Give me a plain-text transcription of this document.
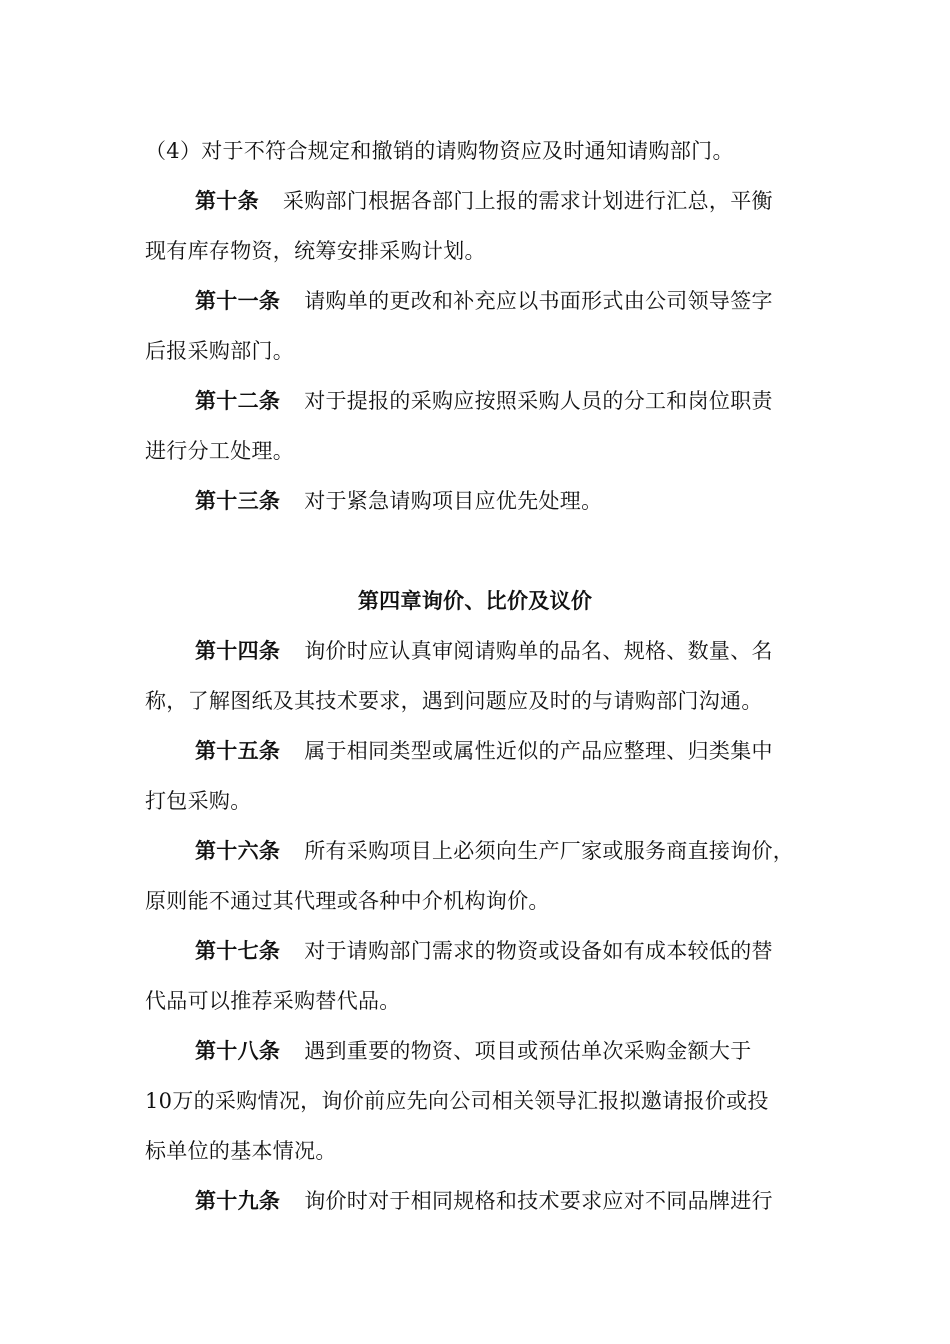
（4）对于不符合规定和撤销的请购物资应及时通知请购部门。
第十条 采购部门根据各部门上报的需求计划进行汇总，平衡
现有库存物资，统筹安排采购计划。
第十一条 请购单的更改和补充应以书面形式由公司领导签字
后报采购部门。
第十二条 对于提报的采购应按照采购人员的分工和岗位职责
进行分工处理。
第十三条 对于紧急请购项目应优先处理。
第四章询价、比价及议价
第十四条 询价时应认真审阅请购单的品名、规格、数量、名
称，了解图纸及其技术要求，遇到问题应及时的与请购部门沟通。
第十五条 属于相同类型或属性近似的产品应整理、归类集中
打包采购。
第十六条 所有采购项目上必须向生产厂家或服务商直接询价，
原则能不通过其代理或各种中介机构询价。
第十七条 对于请购部门需求的物资或设备如有成本较低的替
代品可以推荐采购替代品。
第十八条 遇到重要的物资、项目或预估单次采购金额大于
10万的采购情况，询价前应先向公司相关领导汇报拟邀请报价或投
标单位的基本情况。
第十九条 询价时对于相同规格和技术要求应对不同品牌进行
